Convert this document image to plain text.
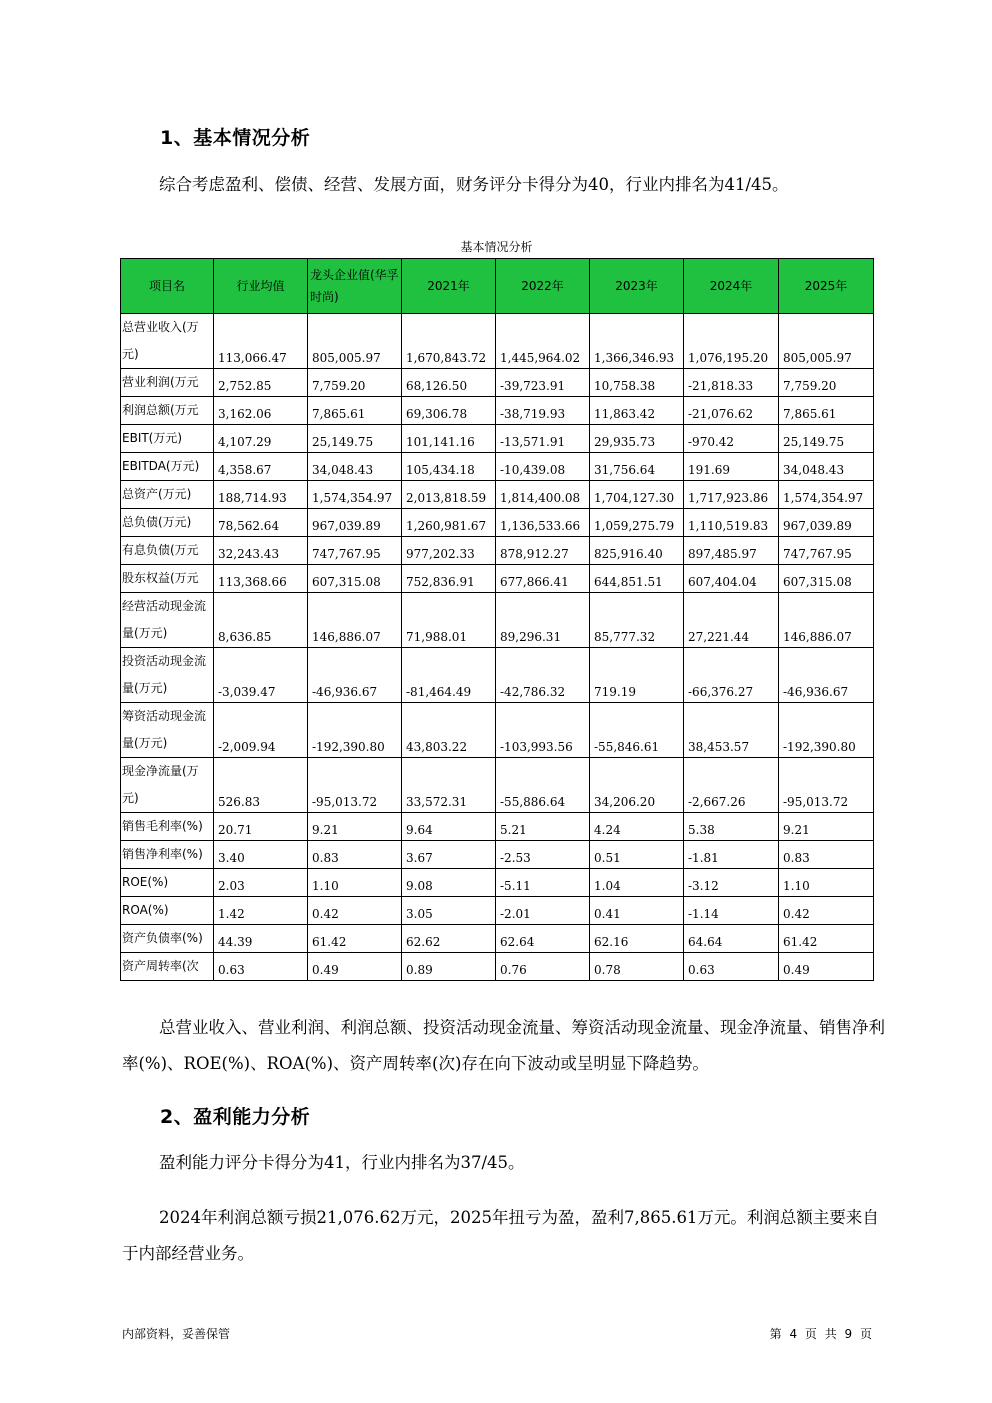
1、基本情况分析

综合考虑盈利、偿债、经营、发展方面，财务评分卡得分为40，行业内排名为41/45。

基本情况分析
项目名	行业均值	龙头企业值(华孚时尚)	2021年	2022年	2023年	2024年	2025年
总营业收入(万元)	113,066.47	805,005.97	1,670,843.72	1,445,964.02	1,366,346.93	1,076,195.20	805,005.97
营业利润(万元	2,752.85	7,759.20	68,126.50	-39,723.91	10,758.38	-21,818.33	7,759.20
利润总额(万元	3,162.06	7,865.61	69,306.78	-38,719.93	11,863.42	-21,076.62	7,865.61
EBIT(万元)	4,107.29	25,149.75	101,141.16	-13,571.91	29,935.73	-970.42	25,149.75
EBITDA(万元)	4,358.67	34,048.43	105,434.18	-10,439.08	31,756.64	191.69	34,048.43
总资产(万元)	188,714.93	1,574,354.97	2,013,818.59	1,814,400.08	1,704,127.30	1,717,923.86	1,574,354.97
总负债(万元)	78,562.64	967,039.89	1,260,981.67	1,136,533.66	1,059,275.79	1,110,519.83	967,039.89
有息负债(万元	32,243.43	747,767.95	977,202.33	878,912.27	825,916.40	897,485.97	747,767.95
股东权益(万元	113,368.66	607,315.08	752,836.91	677,866.41	644,851.51	607,404.04	607,315.08
经营活动现金流量(万元)	8,636.85	146,886.07	71,988.01	89,296.31	85,777.32	27,221.44	146,886.07
投资活动现金流量(万元)	-3,039.47	-46,936.67	-81,464.49	-42,786.32	719.19	-66,376.27	-46,936.67
筹资活动现金流量(万元)	-2,009.94	-192,390.80	43,803.22	-103,993.56	-55,846.61	38,453.57	-192,390.80
现金净流量(万元)	526.83	-95,013.72	33,572.31	-55,886.64	34,206.20	-2,667.26	-95,013.72
销售毛利率(%)	20.71	9.21	9.64	5.21	4.24	5.38	9.21
销售净利率(%)	3.40	0.83	3.67	-2.53	0.51	-1.81	0.83
ROE(%)	2.03	1.10	9.08	-5.11	1.04	-3.12	1.10
ROA(%)	1.42	0.42	3.05	-2.01	0.41	-1.14	0.42
资产负债率(%)	44.39	61.42	62.62	62.64	62.16	64.64	61.42
资产周转率(次	0.63	0.49	0.89	0.76	0.78	0.63	0.49

总营业收入、营业利润、利润总额、投资活动现金流量、筹资活动现金流量、现金净流量、销售净利率(%)、ROE(%)、ROA(%)、资产周转率(次)存在向下波动或呈明显下降趋势。

2、盈利能力分析

盈利能力评分卡得分为41，行业内排名为37/45。

2024年利润总额亏损21,076.62万元，2025年扭亏为盈，盈利7,865.61万元。利润总额主要来自于内部经营业务。

内部资料，妥善保管	第 4 页 共 9 页
